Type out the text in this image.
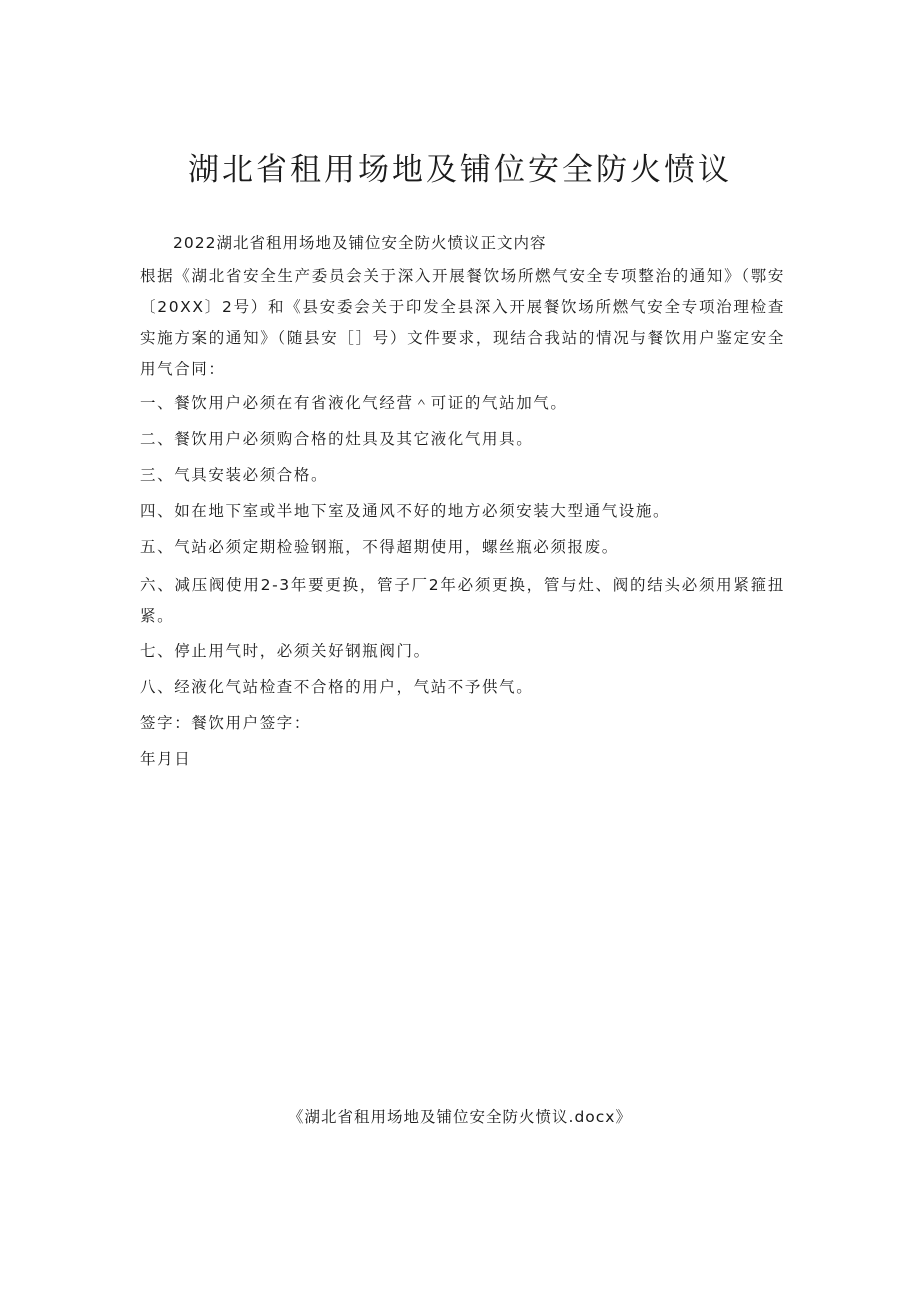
湖北省租用场地及铺位安全防火愤议

2022湖北省租用场地及铺位安全防火愤议正文内容

根据《湖北省安全生产委员会关于深入开展餐饮场所燃气安全专项整治的通知》（鄂安〔20XX〕2号）和《县安委会关于印发全县深入开展餐饮场所燃气安全专项治理检查实施方案的通知》（随县安［］号）文件要求，现结合我站的情况与餐饮用户鉴定安全用气合同：

一、餐饮用户必须在有省液化气经营＾可证的气站加气。

二、餐饮用户必须购合格的灶具及其它液化气用具。

三、气具安装必须合格。

四、如在地下室或半地下室及通风不好的地方必须安装大型通气设施。

五、气站必须定期检验钢瓶，不得超期使用，螺丝瓶必须报废。

六、减压阀使用2-3年要更换，管子厂2年必须更换，管与灶、阀的结头必须用紧箍扭紧。

七、停止用气时，必须关好钢瓶阀门。

八、经液化气站检查不合格的用户，气站不予供气。

签字：餐饮用户签字：

年月日

《湖北省租用场地及铺位安全防火愤议.docx》
